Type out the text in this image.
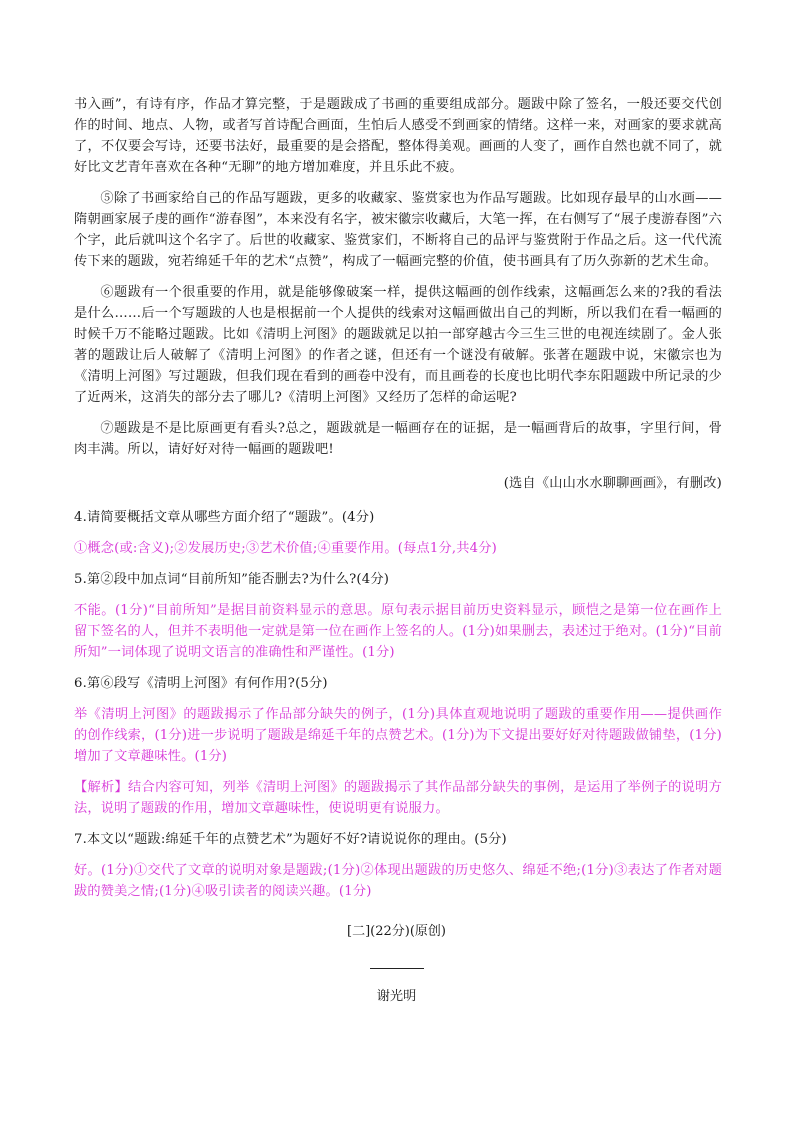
书入画”，有诗有序，作品才算完整，于是题跋成了书画的重要组成部分。题跋中除了签名，一般还要交代创作的时间、地点、人物，或者写首诗配合画面，生怕后人感受不到画家的情绪。这样一来，对画家的要求就高了，不仅要会写诗，还要书法好，最重要的是会搭配，整体得美观。画画的人变了，画作自然也就不同了，就好比文艺青年喜欢在各种“无聊”的地方增加难度，并且乐此不疲。

⑤除了书画家给自己的作品写题跋，更多的收藏家、鉴赏家也为作品写题跋。比如现存最早的山水画——隋朝画家展子虔的画作“游春图”，本来没有名字，被宋徽宗收藏后，大笔一挥，在右侧写了“展子虔游春图”六个字，此后就叫这个名字了。后世的收藏家、鉴赏家们，不断将自己的品评与鉴赏附于作品之后。这一代代流传下来的题跋，宛若绵延千年的艺术“点赞”，构成了一幅画完整的价值，使书画具有了历久弥新的艺术生命。

⑥题跋有一个很重要的作用，就是能够像破案一样，提供这幅画的创作线索，这幅画怎么来的?我的看法是什么……后一个写题跋的人也是根据前一个人提供的线索对这幅画做出自己的判断，所以我们在看一幅画的时候千万不能略过题跋。比如《清明上河图》的题跋就足以拍一部穿越古今三生三世的电视连续剧了。金人张著的题跋让后人破解了《清明上河图》的作者之谜，但还有一个谜没有破解。张著在题跋中说，宋徽宗也为《清明上河图》写过题跋，但我们现在看到的画卷中没有，而且画卷的长度也比明代李东阳题跋中所记录的少了近两米，这消失的部分去了哪儿?《清明上河图》又经历了怎样的命运呢?

⑦题跋是不是比原画更有看头?总之，题跋就是一幅画存在的证据，是一幅画背后的故事，字里行间，骨肉丰满。所以，请好好对待一幅画的题跋吧!

(选自《山山水水聊聊画画》，有删改)

4.请简要概括文章从哪些方面介绍了“题跋”。(4分)

①概念(或:含义);②发展历史;③艺术价值;④重要作用。(每点1分,共4分)

5.第②段中加点词“目前所知”能否删去?为什么?(4分)

不能。(1分)“目前所知”是据目前资料显示的意思。原句表示据目前历史资料显示，顾恺之是第一位在画作上留下签名的人，但并不表明他一定就是第一位在画作上签名的人。(1分)如果删去，表述过于绝对。(1分)“目前所知”一词体现了说明文语言的准确性和严谨性。(1分)

6.第⑥段写《清明上河图》有何作用?(5分)

举《清明上河图》的题跋揭示了作品部分缺失的例子，(1分)具体直观地说明了题跋的重要作用——提供画作的创作线索，(1分)进一步说明了题跋是绵延千年的点赞艺术。(1分)为下文提出要好好对待题跋做铺垫，(1分)增加了文章趣味性。(1分)

【解析】结合内容可知，列举《清明上河图》的题跋揭示了其作品部分缺失的事例，是运用了举例子的说明方法，说明了题跋的作用，增加文章趣味性，使说明更有说服力。

7.本文以“题跋:绵延千年的点赞艺术”为题好不好?请说说你的理由。(5分)

好。(1分)①交代了文章的说明对象是题跋;(1分)②体现出题跋的历史悠久、绵延不绝;(1分)③表达了作者对题跋的赞美之情;(1分)④吸引读者的阅读兴趣。(1分)

[二](22分)(原创)
谢光明
